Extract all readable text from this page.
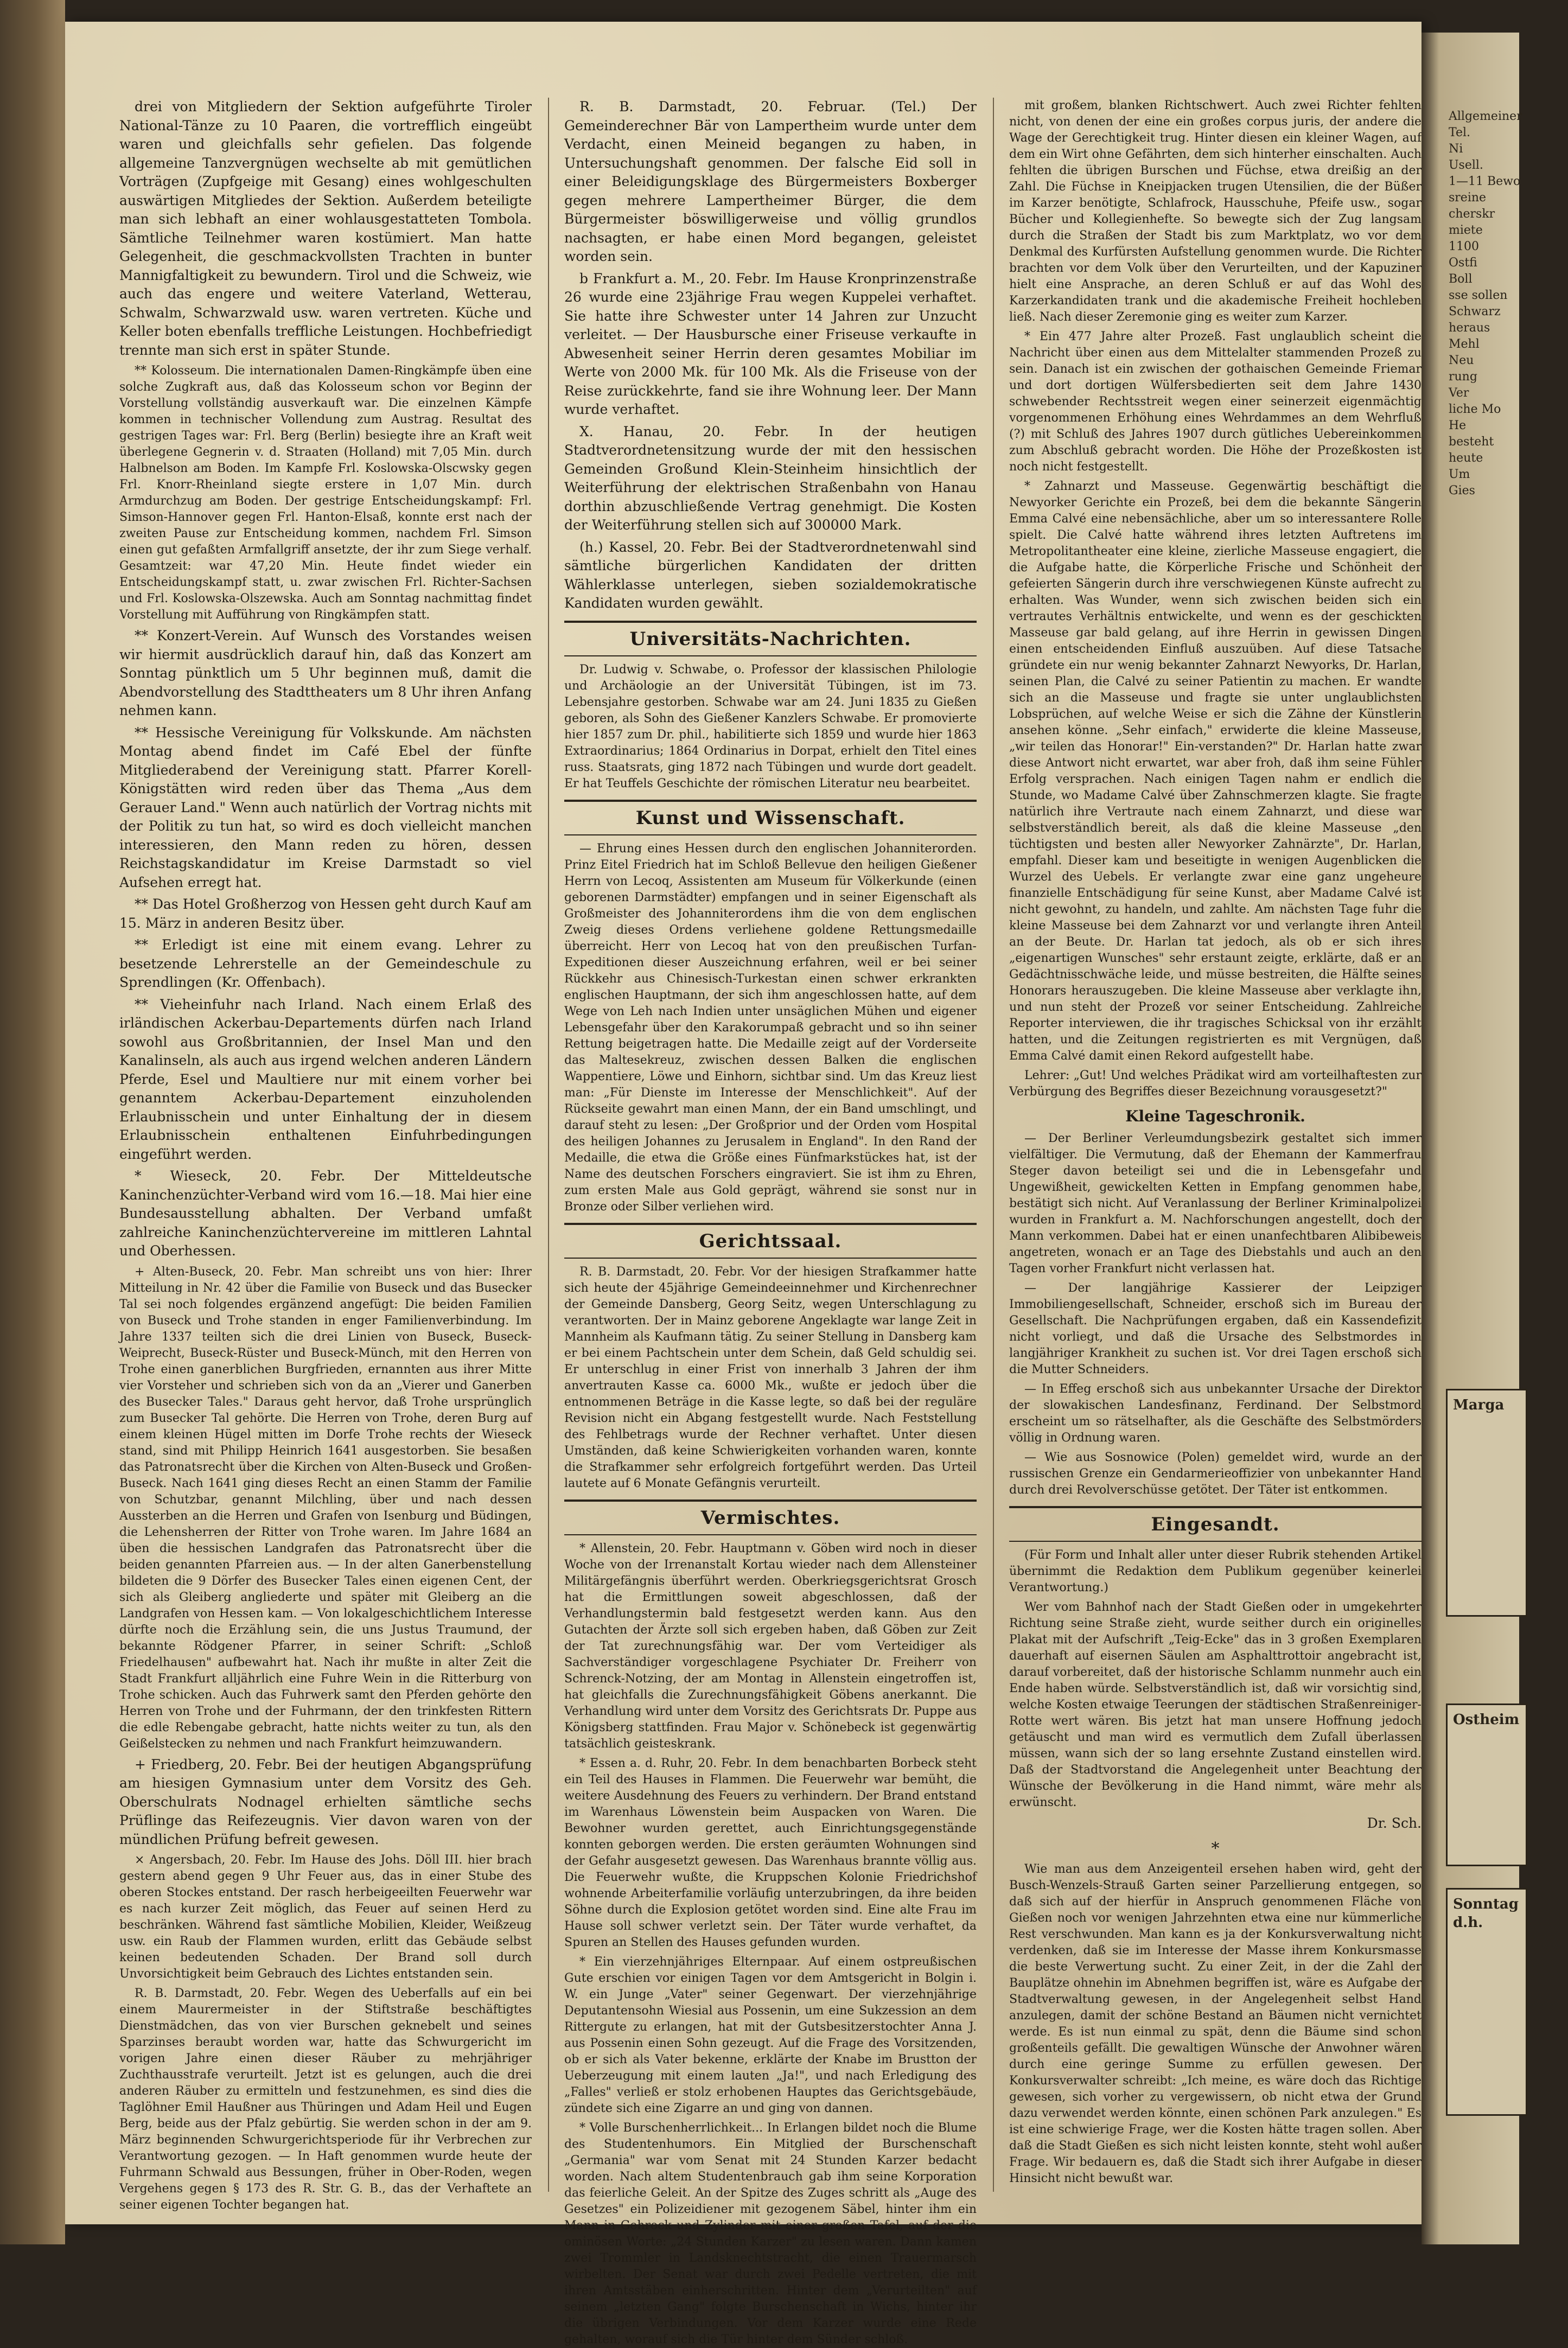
drei von Mitgliedern der Sektion aufgeführte Tiroler National-Tänze zu 10 Paaren, die vortrefflich eingeübt waren und gleichfalls sehr gefielen. Das folgende allgemeine Tanzvergnügen wechselte ab mit gemütlichen Vorträgen (Zupfgeige mit Gesang) eines wohlgeschulten auswärtigen Mitgliedes der Sektion. Außerdem beteiligte man sich lebhaft an einer wohlausgestatteten Tombola. Sämtliche Teilnehmer waren kostümiert. Man hatte Gelegenheit, die geschmackvollsten Trachten in bunter Mannigfaltigkeit zu bewundern. Tirol und die Schweiz, wie auch das engere und weitere Vaterland, Wetterau, Schwalm, Schwarzwald usw. waren vertreten. Küche und Keller boten ebenfalls treffliche Leistungen. Hochbefriedigt trennte man sich erst in später Stunde.

** Kolosseum. Die internationalen Damen-Ringkämpfe üben eine solche Zugkraft aus, daß das Kolosseum schon vor Beginn der Vorstellung vollständig ausverkauft war. Die einzelnen Kämpfe kommen in technischer Vollendung zum Austrag. Resultat des gestrigen Tages war: Frl. Berg (Berlin) besiegte ihre an Kraft weit überlegene Gegnerin v. d. Straaten (Holland) mit 7,05 Min. durch Halbnelson am Boden. Im Kampfe Frl. Koslowska-Olscwsky gegen Frl. Knorr-Rheinland siegte erstere in 1,07 Min. durch Armdurchzug am Boden. Der gestrige Entscheidungskampf: Frl. Simson-Hannover gegen Frl. Hanton-Elsaß, konnte erst nach der zweiten Pause zur Entscheidung kommen, nachdem Frl. Simson einen gut gefaßten Armfallgriff ansetzte, der ihr zum Siege verhalf. Gesamtzeit: war 47,20 Min. Heute findet wieder ein Entscheidungskampf statt, u. zwar zwischen Frl. Richter-Sachsen und Frl. Koslowska-Olszewska. Auch am Sonntag nachmittag findet Vorstellung mit Aufführung von Ringkämpfen statt.

** Konzert-Verein. Auf Wunsch des Vorstandes weisen wir hiermit ausdrücklich darauf hin, daß das Konzert am Sonntag pünktlich um 5 Uhr beginnen muß, damit die Abendvorstellung des Stadttheaters um 8 Uhr ihren Anfang nehmen kann.

** Hessische Vereinigung für Volkskunde. Am nächsten Montag abend findet im Café Ebel der fünfte Mitgliederabend der Vereinigung statt. Pfarrer Korell-Königstätten wird reden über das Thema „Aus dem Gerauer Land." Wenn auch natürlich der Vortrag nichts mit der Politik zu tun hat, so wird es doch vielleicht manchen interessieren, den Mann reden zu hören, dessen Reichstagskandidatur im Kreise Darmstadt so viel Aufsehen erregt hat.

** Das Hotel Großherzog von Hessen geht durch Kauf am 15. März in anderen Besitz über.

** Erledigt ist eine mit einem evang. Lehrer zu besetzende Lehrerstelle an der Gemeindeschule zu Sprendlingen (Kr. Offenbach).

** Vieheinfuhr nach Irland. Nach einem Erlaß des irländischen Ackerbau-Departements dürfen nach Irland sowohl aus Großbritannien, der Insel Man und den Kanalinseln, als auch aus irgend welchen anderen Ländern Pferde, Esel und Maultiere nur mit einem vorher bei genanntem Ackerbau-Departement einzuholenden Erlaubnisschein und unter Einhaltung der in diesem Erlaubnisschein enthaltenen Einfuhrbedingungen eingeführt werden.

* Wieseck, 20. Febr. Der Mitteldeutsche Kaninchenzüchter-Verband wird vom 16.—18. Mai hier eine Bundesausstellung abhalten. Der Verband umfaßt zahlreiche Kaninchenzüchtervereine im mittleren Lahntal und Oberhessen.

+ Alten-Buseck, 20. Febr. Man schreibt uns von hier: Ihrer Mitteilung in Nr. 42 über die Familie von Buseck und das Busecker Tal sei noch folgendes ergänzend angefügt: Die beiden Familien von Buseck und Trohe standen in enger Familienverbindung. Im Jahre 1337 teilten sich die drei Linien von Buseck, Buseck-Weiprecht, Buseck-Rüster und Buseck-Münch, mit den Herren von Trohe einen ganerblichen Burgfrieden, ernannten aus ihrer Mitte vier Vorsteher und schrieben sich von da an „Vierer und Ganerben des Busecker Tales." Daraus geht hervor, daß Trohe ursprünglich zum Busecker Tal gehörte. Die Herren von Trohe, deren Burg auf einem kleinen Hügel mitten im Dorfe Trohe rechts der Wieseck stand, sind mit Philipp Heinrich 1641 ausgestorben. Sie besaßen das Patronatsrecht über die Kirchen von Alten-Buseck und Großen-Buseck. Nach 1641 ging dieses Recht an einen Stamm der Familie von Schutzbar, genannt Milchling, über und nach dessen Aussterben an die Herren und Grafen von Isenburg und Büdingen, die Lehensherren der Ritter von Trohe waren. Im Jahre 1684 an üben die hessischen Landgrafen das Patronatsrecht über die beiden genannten Pfarreien aus. — In der alten Ganerbenstellung bildeten die 9 Dörfer des Busecker Tales einen eigenen Cent, der sich als Gleiberg angliederte und später mit Gleiberg an die Landgrafen von Hessen kam. — Von lokalgeschichtlichem Interesse dürfte noch die Erzählung sein, die uns Justus Traumund, der bekannte Rödgener Pfarrer, in seiner Schrift: „Schloß Friedelhausen" aufbewahrt hat. Nach ihr mußte in alter Zeit die Stadt Frankfurt alljährlich eine Fuhre Wein in die Ritterburg von Trohe schicken. Auch das Fuhrwerk samt den Pferden gehörte den Herren von Trohe und der Fuhrmann, der den trinkfesten Rittern die edle Rebengabe gebracht, hatte nichts weiter zu tun, als den Geißelstecken zu nehmen und nach Frankfurt heimzuwandern.

+ Friedberg, 20. Febr. Bei der heutigen Abgangsprüfung am hiesigen Gymnasium unter dem Vorsitz des Geh. Oberschulrats Nodnagel erhielten sämtliche sechs Prüflinge das Reifezeugnis. Vier davon waren von der mündlichen Prüfung befreit gewesen.

× Angersbach, 20. Febr. Im Hause des Johs. Döll III. hier brach gestern abend gegen 9 Uhr Feuer aus, das in einer Stube des oberen Stockes entstand. Der rasch herbeigeeilten Feuerwehr war es nach kurzer Zeit möglich, das Feuer auf seinen Herd zu beschränken. Während fast sämtliche Mobilien, Kleider, Weißzeug usw. ein Raub der Flammen wurden, erlitt das Gebäude selbst keinen bedeutenden Schaden. Der Brand soll durch Unvorsichtigkeit beim Gebrauch des Lichtes entstanden sein.

R. B. Darmstadt, 20. Febr. Wegen des Ueberfalls auf ein bei einem Maurermeister in der Stiftstraße beschäftigtes Dienstmädchen, das von vier Burschen geknebelt und seines Sparzinses beraubt worden war, hatte das Schwurgericht im vorigen Jahre einen dieser Räuber zu mehrjähriger Zuchthausstrafe verurteilt. Jetzt ist es gelungen, auch die drei anderen Räuber zu ermitteln und festzunehmen, es sind dies die Taglöhner Emil Haußner aus Thüringen und Adam Heil und Eugen Berg, beide aus der Pfalz gebürtig. Sie werden schon in der am 9. März beginnenden Schwurgerichtsperiode für ihr Verbrechen zur Verantwortung gezogen. — In Haft genommen wurde heute der Fuhrmann Schwald aus Bessungen, früher in Ober-Roden, wegen Vergehens gegen § 173 des R. Str. G. B., das der Verhaftete an seiner eigenen Tochter begangen hat.

R. B. Darmstadt, 20. Februar. (Tel.) Der Gemeinderechner Bär von Lampertheim wurde unter dem Verdacht, einen Meineid begangen zu haben, in Untersuchungshaft genommen. Der falsche Eid soll in einer Beleidigungsklage des Bürgermeisters Boxberger gegen mehrere Lampertheimer Bürger, die dem Bürgermeister böswilligerweise und völlig grundlos nachsagten, er habe einen Mord begangen, geleistet worden sein.

b Frankfurt a. M., 20. Febr. Im Hause Kronprinzenstraße 26 wurde eine 23jährige Frau wegen Kuppelei verhaftet. Sie hatte ihre Schwester unter 14 Jahren zur Unzucht verleitet. — Der Hausbursche einer Friseuse verkaufte in Abwesenheit seiner Herrin deren gesamtes Mobiliar im Werte von 2000 Mk. für 100 Mk. Als die Friseuse von der Reise zurückkehrte, fand sie ihre Wohnung leer. Der Mann wurde verhaftet.

X. Hanau, 20. Febr. In der heutigen Stadtverordnetensitzung wurde der mit den hessischen Gemeinden Großund Klein-Steinheim hinsichtlich der Weiterführung der elektrischen Straßenbahn von Hanau dorthin abzuschließende Vertrag genehmigt. Die Kosten der Weiterführung stellen sich auf 300000 Mark.

(h.) Kassel, 20. Febr. Bei der Stadtverordnetenwahl sind sämtliche bürgerlichen Kandidaten der dritten Wählerklasse unterlegen, sieben sozialdemokratische Kandidaten wurden gewählt.

Universitäts-Nachrichten.

Dr. Ludwig v. Schwabe, o. Professor der klassischen Philologie und Archäologie an der Universität Tübingen, ist im 73. Lebensjahre gestorben. Schwabe war am 24. Juni 1835 zu Gießen geboren, als Sohn des Gießener Kanzlers Schwabe. Er promovierte hier 1857 zum Dr. phil., habilitierte sich 1859 und wurde hier 1863 Extraordinarius; 1864 Ordinarius in Dorpat, erhielt den Titel eines russ. Staatsrats, ging 1872 nach Tübingen und wurde dort geadelt. Er hat Teuffels Geschichte der römischen Literatur neu bearbeitet.

Kunst und Wissenschaft.

— Ehrung eines Hessen durch den englischen Johanniterorden. Prinz Eitel Friedrich hat im Schloß Bellevue den heiligen Gießener Herrn von Lecoq, Assistenten am Museum für Völkerkunde (einen geborenen Darmstädter) empfangen und in seiner Eigenschaft als Großmeister des Johanniterordens ihm die von dem englischen Zweig dieses Ordens verliehene goldene Rettungsmedaille überreicht. Herr von Lecoq hat von den preußischen Turfan-Expeditionen dieser Auszeichnung erfahren, weil er bei seiner Rückkehr aus Chinesisch-Turkestan einen schwer erkrankten englischen Hauptmann, der sich ihm angeschlossen hatte, auf dem Wege von Leh nach Indien unter unsäglichen Mühen und eigener Lebensgefahr über den Karakorumpaß gebracht und so ihn seiner Rettung beigetragen hatte. Die Medaille zeigt auf der Vorderseite das Maltesekreuz, zwischen dessen Balken die englischen Wappentiere, Löwe und Einhorn, sichtbar sind. Um das Kreuz liest man: „Für Dienste im Interesse der Menschlichkeit". Auf der Rückseite gewahrt man einen Mann, der ein Band umschlingt, und darauf steht zu lesen: „Der Großprior und der Orden vom Hospital des heiligen Johannes zu Jerusalem in England". In den Rand der Medaille, die etwa die Größe eines Fünfmarkstückes hat, ist der Name des deutschen Forschers eingraviert. Sie ist ihm zu Ehren, zum ersten Male aus Gold geprägt, während sie sonst nur in Bronze oder Silber verliehen wird.

Gerichtssaal.

R. B. Darmstadt, 20. Febr. Vor der hiesigen Strafkammer hatte sich heute der 45jährige Gemeindeeinnehmer und Kirchenrechner der Gemeinde Dansberg, Georg Seitz, wegen Unterschlagung zu verantworten. Der in Mainz geborene Angeklagte war lange Zeit in Mannheim als Kaufmann tätig. Zu seiner Stellung in Dansberg kam er bei einem Pachtschein unter dem Schein, daß Geld schuldig sei. Er unterschlug in einer Frist von innerhalb 3 Jahren der ihm anvertrauten Kasse ca. 6000 Mk., wußte er jedoch über die entnommenen Beträge in die Kasse legte, so daß bei der reguläre Revision nicht ein Abgang festgestellt wurde. Nach Feststellung des Fehlbetrags wurde der Rechner verhaftet. Unter diesen Umständen, daß keine Schwierigkeiten vorhanden waren, konnte die Strafkammer sehr erfolgreich fortgeführt werden. Das Urteil lautete auf 6 Monate Gefängnis verurteilt.

Vermischtes.

* Allenstein, 20. Febr. Hauptmann v. Göben wird noch in dieser Woche von der Irrenanstalt Kortau wieder nach dem Allensteiner Militärgefängnis überführt werden. Oberkriegsgerichtsrat Grosch hat die Ermittlungen soweit abgeschlossen, daß der Verhandlungstermin bald festgesetzt werden kann. Aus den Gutachten der Ärzte soll sich ergeben haben, daß Göben zur Zeit der Tat zurechnungsfähig war. Der vom Verteidiger als Sachverständiger vorgeschlagene Psychiater Dr. Freiherr von Schrenck-Notzing, der am Montag in Allenstein eingetroffen ist, hat gleichfalls die Zurechnungsfähigkeit Göbens anerkannt. Die Verhandlung wird unter dem Vorsitz des Gerichtsrats Dr. Puppe aus Königsberg stattfinden. Frau Major v. Schönebeck ist gegenwärtig tatsächlich geisteskrank.

* Essen a. d. Ruhr, 20. Febr. In dem benachbarten Borbeck steht ein Teil des Hauses in Flammen. Die Feuerwehr war bemüht, die weitere Ausdehnung des Feuers zu verhindern. Der Brand entstand im Warenhaus Löwenstein beim Auspacken von Waren. Die Bewohner wurden gerettet, auch Einrichtungsgegenstände konnten geborgen werden. Die ersten geräumten Wohnungen sind der Gefahr ausgesetzt gewesen. Das Warenhaus brannte völlig aus. Die Feuerwehr wußte, die Kruppschen Kolonie Friedrichshof wohnende Arbeiterfamilie vorläufig unterzubringen, da ihre beiden Söhne durch die Explosion getötet worden sind. Eine alte Frau im Hause soll schwer verletzt sein. Der Täter wurde verhaftet, da Spuren an Stellen des Hauses gefunden wurden.

* Ein vierzehnjähriges Elternpaar. Auf einem ostpreußischen Gute erschien vor einigen Tagen vor dem Amtsgericht in Bolgin i. W. ein Junge „Vater" seiner Gegenwart. Der vierzehnjährige Deputantensohn Wiesial aus Possenin, um eine Sukzession an dem Rittergute zu erlangen, hat mit der Gutsbesitzerstochter Anna J. aus Possenin einen Sohn gezeugt. Auf die Frage des Vorsitzenden, ob er sich als Vater bekenne, erklärte der Knabe im Brustton der Ueberzeugung mit einem lauten „Ja!", und nach Erledigung des „Falles" verließ er stolz erhobenen Hauptes das Gerichtsgebäude, zündete sich eine Zigarre an und ging von dannen.

* Volle Burschenherrlichkeit... In Erlangen bildet noch die Blume des Studentenhumors. Ein Mitglied der Burschenschaft „Germania" war vom Senat mit 24 Stunden Karzer bedacht worden. Nach altem Studentenbrauch gab ihm seine Korporation das feierliche Geleit. An der Spitze des Zuges schritt als „Auge des Gesetzes" ein Polizeidiener mit gezogenem Säbel, hinter ihm ein Mann in Gehrock und Zylinder mit einer großen Tafel, auf der die ominösen Worte: „24 Stunden Karzer" zu lesen waren. Dann kamen zwei Trommler in Landsknechtstracht, die einen Trauermarsch wirbelten. Der Senat war durch zwei Pedelle vertreten, die mit ihren Amtsstäben einherschritten. Hinter dem „Verurteilten" auf seinem „letzten Gang" folgte Burschenschaft in Wichs, hinter ihr die übrigen Verbindungen. Vor dem Karzer wurde eine Rede gehalten, worauf sich die Tür hinter dem Sünder schloß.

mit großem, blanken Richtschwert. Auch zwei Richter fehlten nicht, von denen der eine ein großes corpus juris, der andere die Wage der Gerechtigkeit trug. Hinter diesen ein kleiner Wagen, auf dem ein Wirt ohne Gefährten, dem sich hinterher einschalten. Auch fehlten die übrigen Burschen und Füchse, etwa dreißig an der Zahl. Die Füchse in Kneipjacken trugen Utensilien, die der Büßer im Karzer benötigte, Schlafrock, Hausschuhe, Pfeife usw., sogar Bücher und Kollegienhefte. So bewegte sich der Zug langsam durch die Straßen der Stadt bis zum Marktplatz, wo vor dem Denkmal des Kurfürsten Aufstellung genommen wurde. Die Richter brachten vor dem Volk über den Verurteilten, und der Kapuziner hielt eine Ansprache, an deren Schluß er auf das Wohl des Karzerkandidaten trank und die akademische Freiheit hochleben ließ. Nach dieser Zeremonie ging es weiter zum Karzer.

* Ein 477 Jahre alter Prozeß. Fast unglaublich scheint die Nachricht über einen aus dem Mittelalter stammenden Prozeß zu sein. Danach ist ein zwischen der gothaischen Gemeinde Friemar und dort dortigen Wülfersbedierten seit dem Jahre 1430 schwebender Rechtsstreit wegen einer seinerzeit eigenmächtig vorgenommenen Erhöhung eines Wehrdammes an dem Wehrfluß (?) mit Schluß des Jahres 1907 durch gütliches Uebereinkommen zum Abschluß gebracht worden. Die Höhe der Prozeßkosten ist noch nicht festgestellt.

* Zahnarzt und Masseuse. Gegenwärtig beschäftigt die Newyorker Gerichte ein Prozeß, bei dem die bekannte Sängerin Emma Calvé eine nebensächliche, aber um so interessantere Rolle spielt. Die Calvé hatte während ihres letzten Auftretens im Metropolitantheater eine kleine, zierliche Masseuse engagiert, die die Aufgabe hatte, die Körperliche Frische und Schönheit der gefeierten Sängerin durch ihre verschwiegenen Künste aufrecht zu erhalten. Was Wunder, wenn sich zwischen beiden sich ein vertrautes Verhältnis entwickelte, und wenn es der geschickten Masseuse gar bald gelang, auf ihre Herrin in gewissen Dingen einen entscheidenden Einfluß auszuüben. Auf diese Tatsache gründete ein nur wenig bekannter Zahnarzt Newyorks, Dr. Harlan, seinen Plan, die Calvé zu seiner Patientin zu machen. Er wandte sich an die Masseuse und fragte sie unter unglaublichsten Lobsprüchen, auf welche Weise er sich die Zähne der Künstlerin ansehen könne. „Sehr einfach," erwiderte die kleine Masseuse, „wir teilen das Honorar!" Ein-verstanden?" Dr. Harlan hatte zwar diese Antwort nicht erwartet, war aber froh, daß ihm seine Fühler Erfolg versprachen. Nach einigen Tagen nahm er endlich die Stunde, wo Madame Calvé über Zahnschmerzen klagte. Sie fragte natürlich ihre Vertraute nach einem Zahnarzt, und diese war selbstverständlich bereit, als daß die kleine Masseuse „den tüchtigsten und besten aller Newyorker Zahnärzte", Dr. Harlan, empfahl. Dieser kam und beseitigte in wenigen Augenblicken die Wurzel des Uebels. Er verlangte zwar eine ganz ungeheure finanzielle Entschädigung für seine Kunst, aber Madame Calvé ist nicht gewohnt, zu handeln, und zahlte. Am nächsten Tage fuhr die kleine Masseuse bei dem Zahnarzt vor und verlangte ihren Anteil an der Beute. Dr. Harlan tat jedoch, als ob er sich ihres „eigenartigen Wunsches" sehr erstaunt zeigte, erklärte, daß er an Gedächtnisschwäche leide, und müsse bestreiten, die Hälfte seines Honorars herauszugeben. Die kleine Masseuse aber verklagte ihn, und nun steht der Prozeß vor seiner Entscheidung. Zahlreiche Reporter interviewen, die ihr tragisches Schicksal von ihr erzählt hatten, und die Zeitungen registrierten es mit Vergnügen, daß Emma Calvé damit einen Rekord aufgestellt habe.

Lehrer: „Gut! Und welches Prädikat wird am vorteilhaftesten zur Verbürgung des Begriffes dieser Bezeichnung vorausgesetzt?"

Kleine Tageschronik.

— Der Berliner Verleumdungsbezirk gestaltet sich immer vielfältiger. Die Vermutung, daß der Ehemann der Kammerfrau Steger davon beteiligt sei und die in Lebensgefahr und Ungewißheit, gewickelten Ketten in Empfang genommen habe, bestätigt sich nicht. Auf Veranlassung der Berliner Kriminalpolizei wurden in Frankfurt a. M. Nachforschungen angestellt, doch der Mann verkommen. Dabei hat er einen unanfechtbaren Alibibeweis angetreten, wonach er an Tage des Diebstahls und auch an den Tagen vorher Frankfurt nicht verlassen hat.

— Der langjährige Kassierer der Leipziger Immobiliengesellschaft, Schneider, erschoß sich im Bureau der Gesellschaft. Die Nachprüfungen ergaben, daß ein Kassendefizit nicht vorliegt, und daß die Ursache des Selbstmordes in langjähriger Krankheit zu suchen ist. Vor drei Tagen erschoß sich die Mutter Schneiders.

— In Effeg erschoß sich aus unbekannter Ursache der Direktor der slowakischen Landesfinanz, Ferdinand. Der Selbstmord erscheint um so rätselhafter, als die Geschäfte des Selbstmörders völlig in Ordnung waren.

— Wie aus Sosnowice (Polen) gemeldet wird, wurde an der russischen Grenze ein Gendarmerieoffizier von unbekannter Hand durch drei Revolverschüsse getötet. Der Täter ist entkommen.

Eingesandt.

(Für Form und Inhalt aller unter dieser Rubrik stehenden Artikel übernimmt die Redaktion dem Publikum gegenüber keinerlei Verantwortung.)

Wer vom Bahnhof nach der Stadt Gießen oder in umgekehrter Richtung seine Straße zieht, wurde seither durch ein originelles Plakat mit der Aufschrift „Teig-Ecke" das in 3 großen Exemplaren dauerhaft auf eisernen Säulen am Asphalttrottoir angebracht ist, darauf vorbereitet, daß der historische Schlamm nunmehr auch ein Ende haben würde. Selbstverständlich ist, daß wir vorsichtig sind, welche Kosten etwaige Teerungen der städtischen Straßenreiniger-Rotte wert wären. Bis jetzt hat man unsere Hoffnung jedoch getäuscht und man wird es vermutlich dem Zufall überlassen müssen, wann sich der so lang ersehnte Zustand einstellen wird. Daß der Stadtvorstand die Angelegenheit unter Beachtung der Wünsche der Bevölkerung in die Hand nimmt, wäre mehr als erwünscht.

Dr. Sch.
*

Wie man aus dem Anzeigenteil ersehen haben wird, geht der Busch-Wenzels-Strauß Garten seiner Parzellierung entgegen, so daß sich auf der hierfür in Anspruch genommenen Fläche von Gießen noch vor wenigen Jahrzehnten etwa eine nur kümmerliche Rest verschwunden. Man kann es ja der Konkursverwaltung nicht verdenken, daß sie im Interesse der Masse ihrem Konkursmasse die beste Verwertung sucht. Zu einer Zeit, in der die Zahl der Bauplätze ohnehin im Abnehmen begriffen ist, wäre es Aufgabe der Stadtverwaltung gewesen, in der Angelegenheit selbst Hand anzulegen, damit der schöne Bestand an Bäumen nicht vernichtet werde. Es ist nun einmal zu spät, denn die Bäume sind schon großenteils gefällt. Die gewaltigen Wünsche der Anwohner wären durch eine geringe Summe zu erfüllen gewesen. Der Konkursverwalter schreibt: „Ich meine, es wäre doch das Richtige gewesen, sich vorher zu vergewissern, ob nicht etwa der Grund dazu verwendet werden könnte, einen schönen Park anzulegen." Es ist eine schwierige Frage, wer die Kosten hätte tragen sollen. Aber daß die Stadt Gießen es sich nicht leisten konnte, steht wohl außer Frage. Wir bedauern es, daß die Stadt sich ihrer Aufgabe in dieser Hinsicht nicht bewußt war.

Allgemeiner
Tel.
Ni
Usell.
1—11 Bewo
sreine
cherskr
miete
1100
Ostfi
Boll
sse sollen
Schwarz
heraus
Mehl
Neu
rung
Ver
liche Mo
He
besteht
heute
Um
Gies
Marga
Ostheim
Sonntag d.h.
